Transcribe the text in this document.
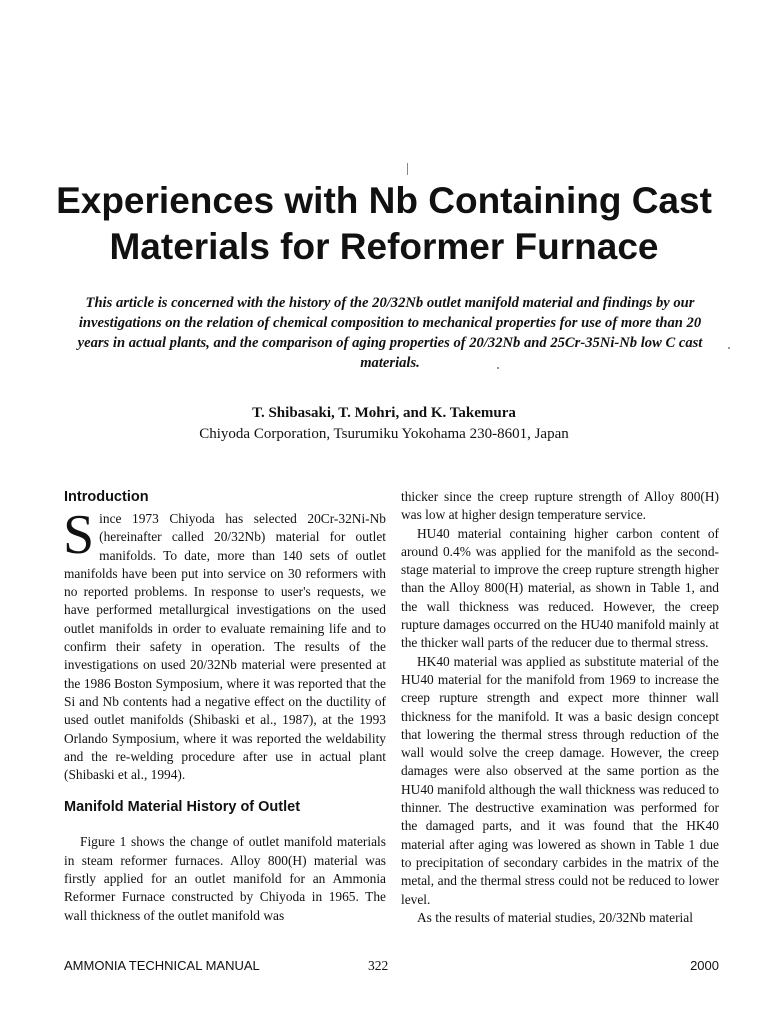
Experiences with Nb Containing Cast
Materials for Reformer Furnace

This article is concerned with the history of the 20/32Nb outlet manifold material and findings by our investigations on the relation of chemical composition to mechanical properties for use of more than 20 years in actual plants, and the comparison of aging properties of 20/32Nb and 25Cr-35Ni-Nb low C cast materials.

T. Shibasaki, T. Mohri, and K. Takemura

Chiyoda Corporation, Tsurumiku Yokohama 230-8601, Japan

Introduction

Since 1973 Chiyoda has selected 20Cr-32Ni-Nb (hereinafter called 20/32Nb) material for outlet manifolds. To date, more than 140 sets of outlet manifolds have been put into service on 30 reformers with no reported problems. In response to user's requests, we have performed metallurgical investigations on the used outlet manifolds in order to evaluate remaining life and to confirm their safety in operation. The results of the investigations on used 20/32Nb material were presented at the 1986 Boston Symposium, where it was reported that the Si and Nb contents had a negative effect on the ductility of used outlet manifolds (Shibaski et al., 1987), at the 1993 Orlando Symposium, where it was reported the weldability and the re-welding procedure after use in actual plant (Shibaski et al., 1994).

Manifold Material History of Outlet

Figure 1 shows the change of outlet manifold materials in steam reformer furnaces. Alloy 800(H) material was firstly applied for an outlet manifold for an Ammonia Reformer Furnace constructed by Chiyoda in 1965. The wall thickness of the outlet manifold was

thicker since the creep rupture strength of Alloy 800(H) was low at higher design temperature service.

HU40 material containing higher carbon content of around 0.4% was applied for the manifold as the second-stage material to improve the creep rupture strength higher than the Alloy 800(H) material, as shown in Table 1, and the wall thickness was reduced. However, the creep rupture damages occurred on the HU40 manifold mainly at the thicker wall parts of the reducer due to thermal stress.

HK40 material was applied as substitute material of the HU40 material for the manifold from 1969 to increase the creep rupture strength and expect more thinner wall thickness for the manifold. It was a basic design concept that lowering the thermal stress through reduction of the wall would solve the creep damage. However, the creep damages were also observed at the same portion as the HU40 manifold although the wall thickness was reduced to thinner. The destructive examination was performed for the damaged parts, and it was found that the HK40 material after aging was lowered as shown in Table 1 due to precipitation of secondary carbides in the matrix of the metal, and the thermal stress could not be reduced to lower level.

As the results of material studies, 20/32Nb material

AMMONIA TECHNICAL MANUAL	322	2000
